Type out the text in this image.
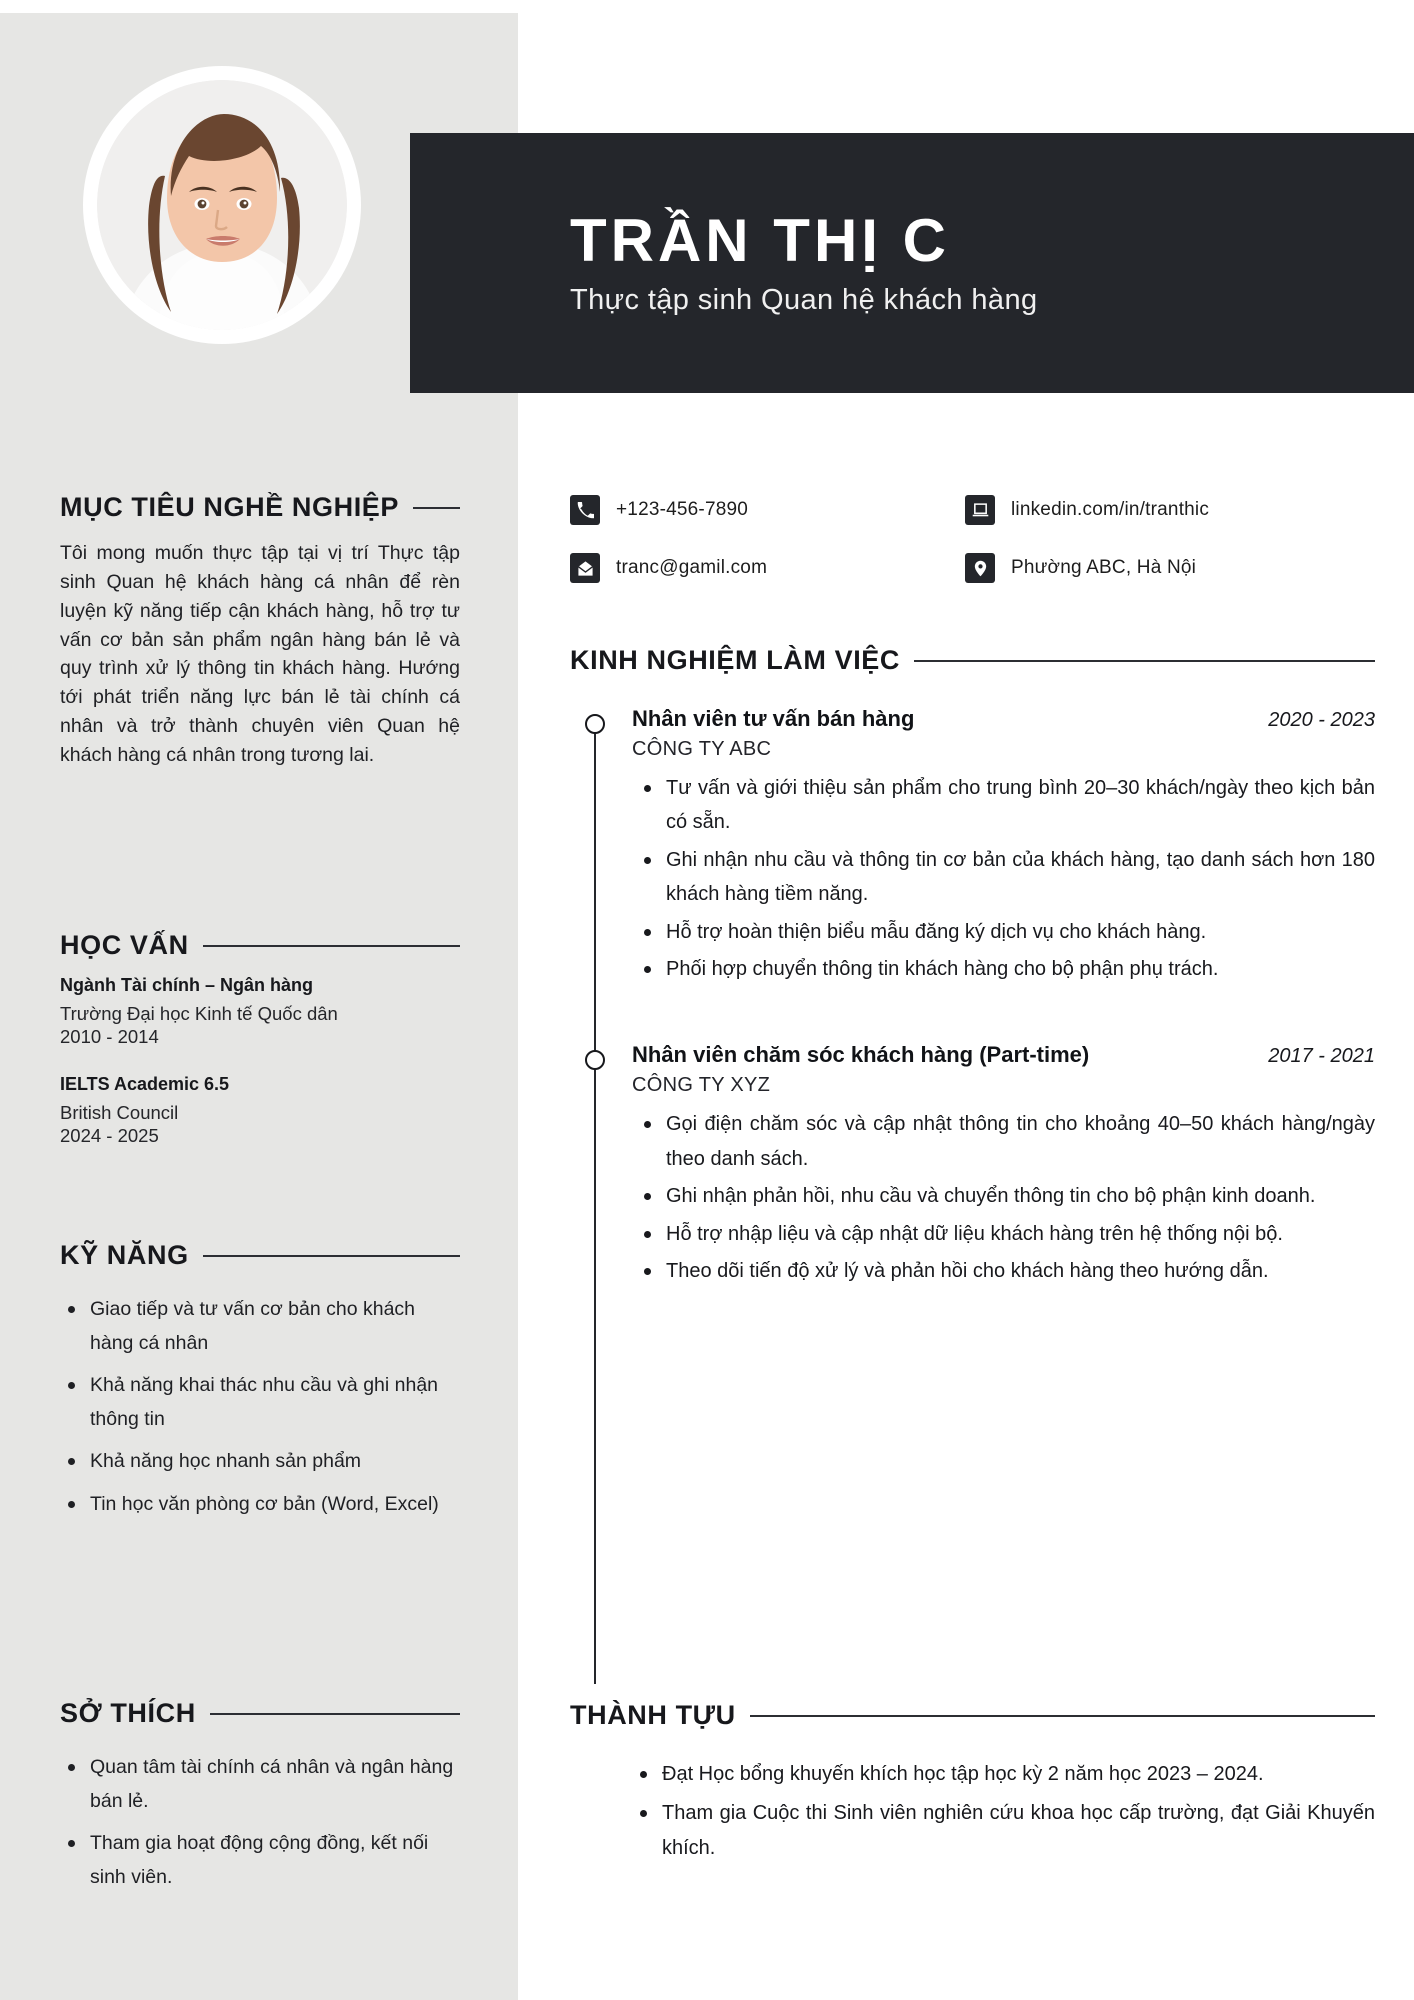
TRẦN THỊ C
Thực tập sinh Quan hệ khách hàng
+123-456-7890	linkedin.com/in/tranthic
tranc@gamil.com	Phường ABC, Hà Nội
MỤC TIÊU NGHỀ NGHIỆP

Tôi mong muốn thực tập tại vị trí Thực tập sinh Quan hệ khách hàng cá nhân để rèn luyện kỹ năng tiếp cận khách hàng, hỗ trợ tư vấn cơ bản sản phẩm ngân hàng bán lẻ và quy trình xử lý thông tin khách hàng. Hướng tới phát triển năng lực bán lẻ tài chính cá nhân và trở thành chuyên viên Quan hệ khách hàng cá nhân trong tương lai.

HỌC VẤN
Ngành Tài chính – Ngân hàng
Trường Đại học Kinh tế Quốc dân
2010 - 2014
IELTS Academic 6.5
British Council
2024 - 2025
KỸ NĂNG
Giao tiếp và tư vấn cơ bản cho khách hàng cá nhân
Khả năng khai thác nhu cầu và ghi nhận thông tin
Khả năng học nhanh sản phẩm
Tin học văn phòng cơ bản (Word, Excel)
SỞ THÍCH
Quan tâm tài chính cá nhân và ngân hàng bán lẻ.
Tham gia hoạt động cộng đồng, kết nối sinh viên.
KINH NGHIỆM LÀM VIỆC
Nhân viên tư vấn bán hàng	2020 - 2023
CÔNG TY ABC
Tư vấn và giới thiệu sản phẩm cho trung bình 20–30 khách/ngày theo kịch bản có sẵn.
Ghi nhận nhu cầu và thông tin cơ bản của khách hàng, tạo danh sách hơn 180 khách hàng tiềm năng.
Hỗ trợ hoàn thiện biểu mẫu đăng ký dịch vụ cho khách hàng.
Phối hợp chuyển thông tin khách hàng cho bộ phận phụ trách.
Nhân viên chăm sóc khách hàng (Part-time)	2017 - 2021
CÔNG TY XYZ
Gọi điện chăm sóc và cập nhật thông tin cho khoảng 40–50 khách hàng/ngày theo danh sách.
Ghi nhận phản hồi, nhu cầu và chuyển thông tin cho bộ phận kinh doanh.
Hỗ trợ nhập liệu và cập nhật dữ liệu khách hàng trên hệ thống nội bộ.
Theo dõi tiến độ xử lý và phản hồi cho khách hàng theo hướng dẫn.
THÀNH TỰU
Đạt Học bổng khuyến khích học tập học kỳ 2 năm học 2023 – 2024.
Tham gia Cuộc thi Sinh viên nghiên cứu khoa học cấp trường, đạt Giải Khuyến khích.
